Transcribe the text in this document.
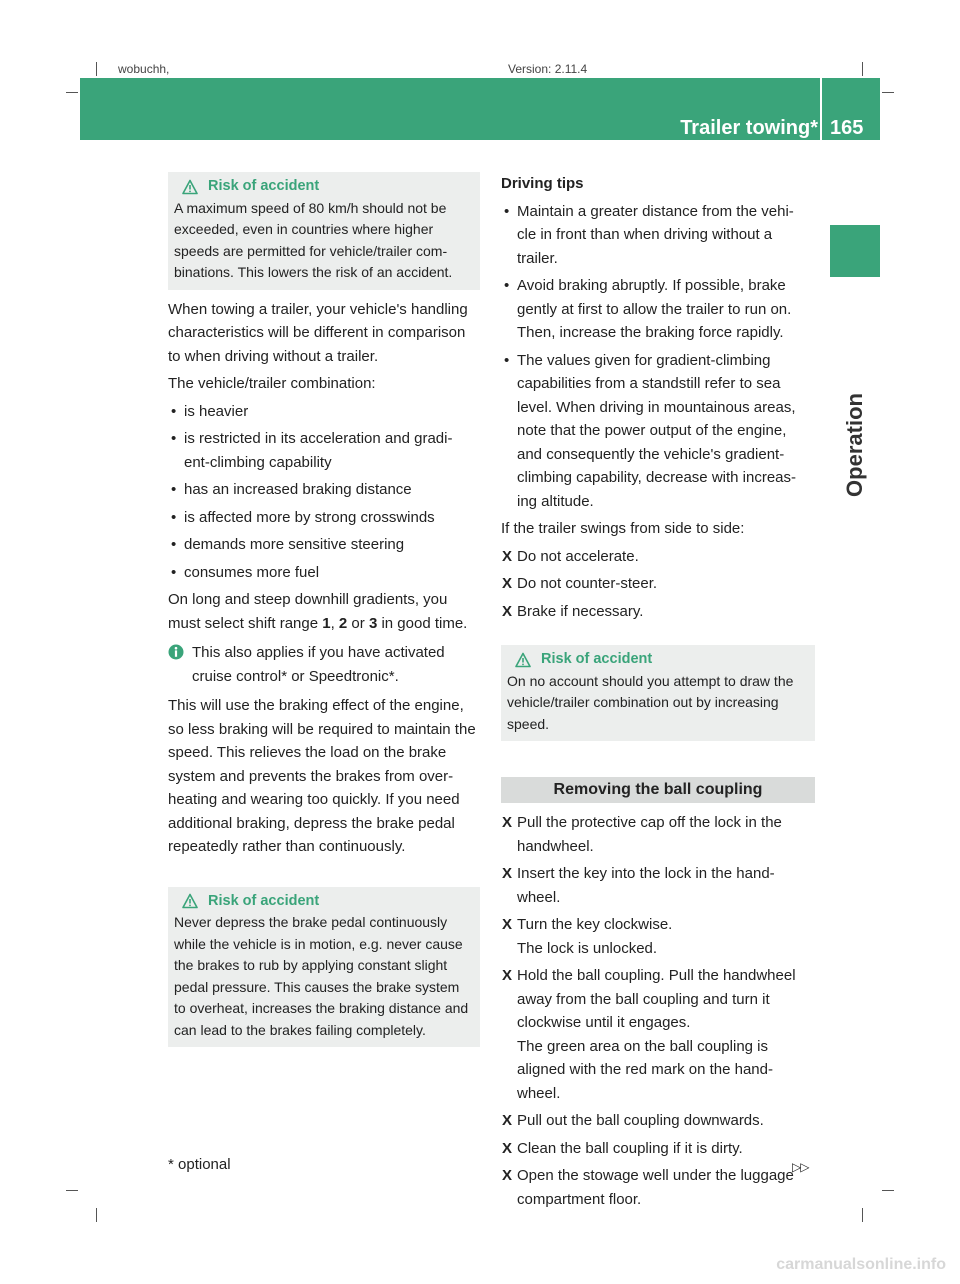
wobuchh,	Version: 2.11.4
Trailer towing* 165
Operation
Risk of accident
A maximum speed of 80 km/h should not be exceeded, even in countries where higher speeds are permitted for vehicle/trailer com- binations. This lowers the risk of an accident.

When towing a trailer, your vehicle's handling characteristics will be different in comparison to when driving without a trailer.

The vehicle/trailer combination:

• is heavier
• is restricted in its acceleration and gradi- ent-climbing capability
• has an increased braking distance
• is affected more by strong crosswinds
• demands more sensitive steering
• consumes more fuel

On long and steep downhill gradients, you must select shift range 1, 2 or 3 in good time.

This also applies if you have activated cruise control* or Speedtronic*.

This will use the braking effect of the engine, so less braking will be required to maintain the speed. This relieves the load on the brake system and prevents the brakes from over- heating and wearing too quickly. If you need additional braking, depress the brake pedal repeatedly rather than continuously.

Risk of accident
Never depress the brake pedal continuously while the vehicle is in motion, e.g. never cause the brakes to rub by applying constant slight pedal pressure. This causes the brake system to overheat, increases the braking distance and can lead to the brakes failing completely.

Driving tips

• Maintain a greater distance from the vehi- cle in front than when driving without a trailer.
• Avoid braking abruptly. If possible, brake gently at first to allow the trailer to run on. Then, increase the braking force rapidly.
• The values given for gradient-climbing capabilities from a standstill refer to sea level. When driving in mountainous areas, note that the power output of the engine, and consequently the vehicle's gradient- climbing capability, decrease with increas- ing altitude.

If the trailer swings from side to side:

X Do not accelerate.
X Do not counter-steer.
X Brake if necessary.
Risk of accident
On no account should you attempt to draw the vehicle/trailer combination out by increasing speed.
Removing the ball coupling
X Pull the protective cap off the lock in the handwheel.
X Insert the key into the lock in the hand- wheel.
X Turn the key clockwise.
The lock is unlocked.
X Hold the ball coupling. Pull the handwheel away from the ball coupling and turn it clockwise until it engages.
The green area on the ball coupling is aligned with the red mark on the hand- wheel.
X Pull out the ball coupling downwards.
X Clean the ball coupling if it is dirty.
X Open the stowage well under the luggage compartment floor.
* optional	▷▷
carmanualsonline.info
